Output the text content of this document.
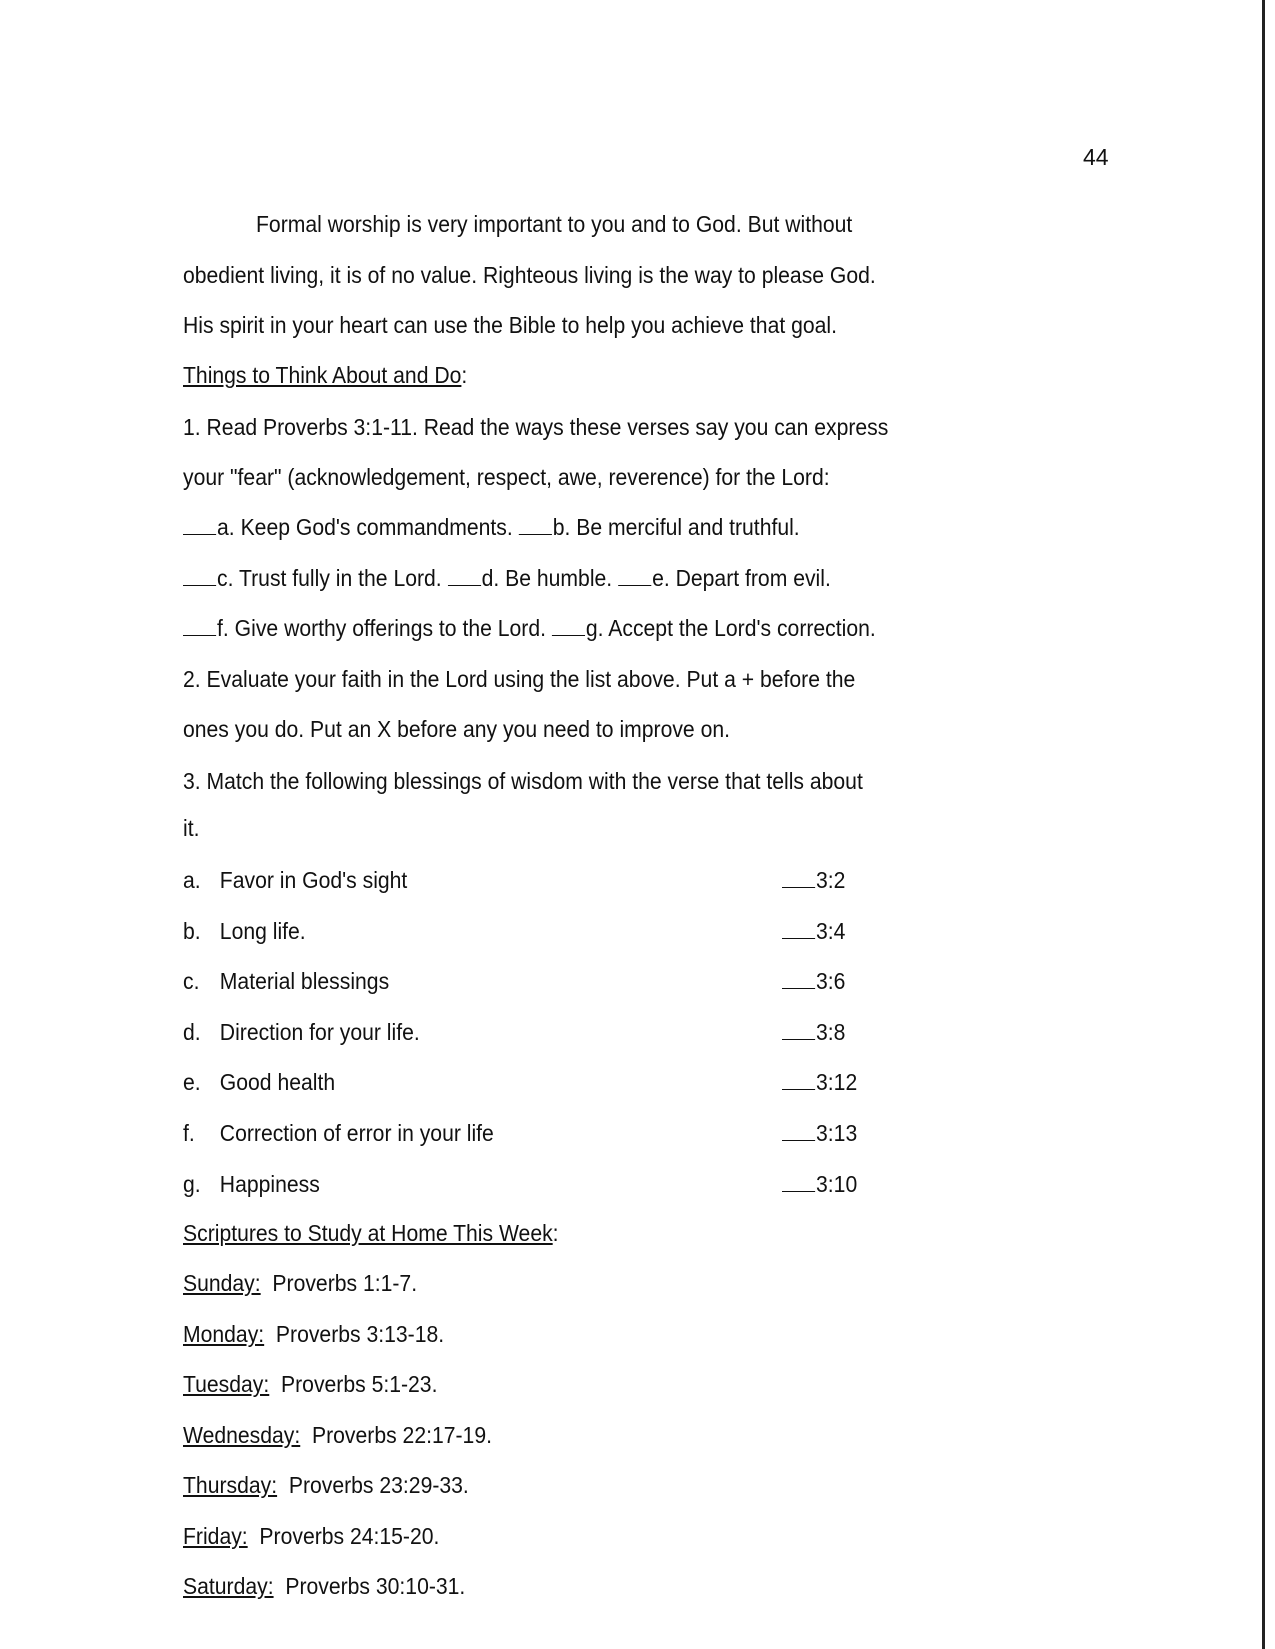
44
Formal worship is very important to you and to God. But without
obedient living, it is of no value. Righteous living is the way to please God.
His spirit in your heart can use the Bible to help you achieve that goal.
Things to Think About and Do:
1. Read Proverbs 3:1-11. Read the ways these verses say you can express
your "fear" (acknowledgement, respect, awe, reverence) for the Lord:
a. Keep God's commandments. b. Be merciful and truthful.
c. Trust fully in the Lord. d. Be humble. e. Depart from evil.
f. Give worthy offerings to the Lord. g. Accept the Lord's correction.
2. Evaluate your faith in the Lord using the list above. Put a + before the
ones you do. Put an X before any you need to improve on.
3. Match the following blessings of wisdom with the verse that tells about
it.
a. Favor in God's sight	3:2
b. Long life.	3:4
c. Material blessings	3:6
d. Direction for your life.	3:8
e. Good health	3:12
f. Correction of error in your life	3:13
g. Happiness	3:10
Scriptures to Study at Home This Week:
Sunday: Proverbs 1:1-7.
Monday: Proverbs 3:13-18.
Tuesday: Proverbs 5:1-23.
Wednesday: Proverbs 22:17-19.
Thursday: Proverbs 23:29-33.
Friday: Proverbs 24:15-20.
Saturday: Proverbs 30:10-31.
